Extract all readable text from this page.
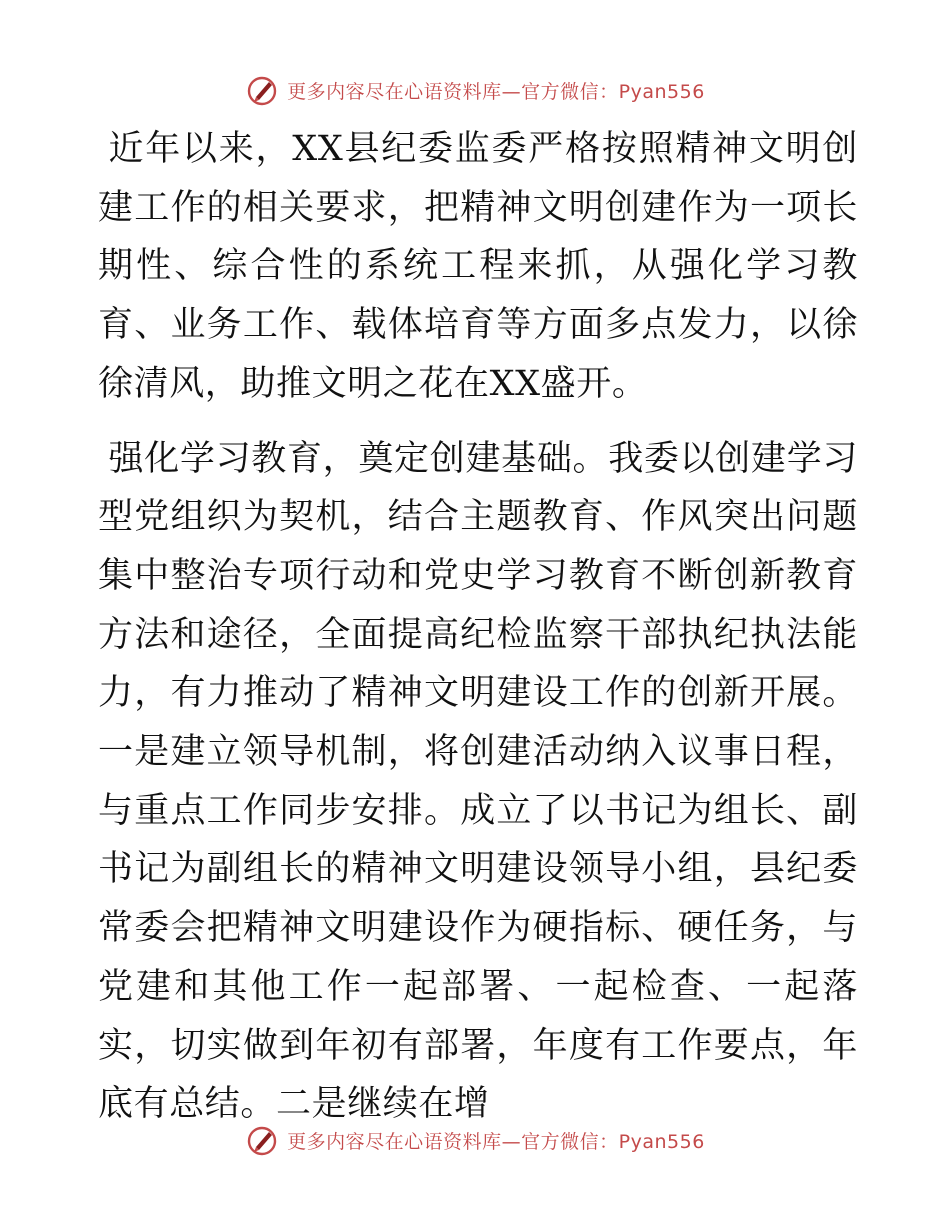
更多内容尽在心语资料库—官方微信：Pyan556

近年以来，XX县纪委监委严格按照精神文明创建工作的相关要求，把精神文明创建作为一项长期性、综合性的系统工程来抓，从强化学习教育、业务工作、载体培育等方面多点发力，以徐徐清风，助推文明之花在XX盛开。

强化学习教育，奠定创建基础。我委以创建学习型党组织为契机，结合主题教育、作风突出问题集中整治专项行动和党史学习教育不断创新教育方法和途径，全面提高纪检监察干部执纪执法能力，有力推动了精神文明建设工作的创新开展。一是建立领导机制，将创建活动纳入议事日程，与重点工作同步安排。成立了以书记为组长、副书记为副组长的精神文明建设领导小组，县纪委常委会把精神文明建设作为硬指标、硬任务，与党建和其他工作一起部署、一起检查、一起落实，切实做到年初有部署，年度有工作要点，年底有总结。二是继续在增

更多内容尽在心语资料库—官方微信：Pyan556
